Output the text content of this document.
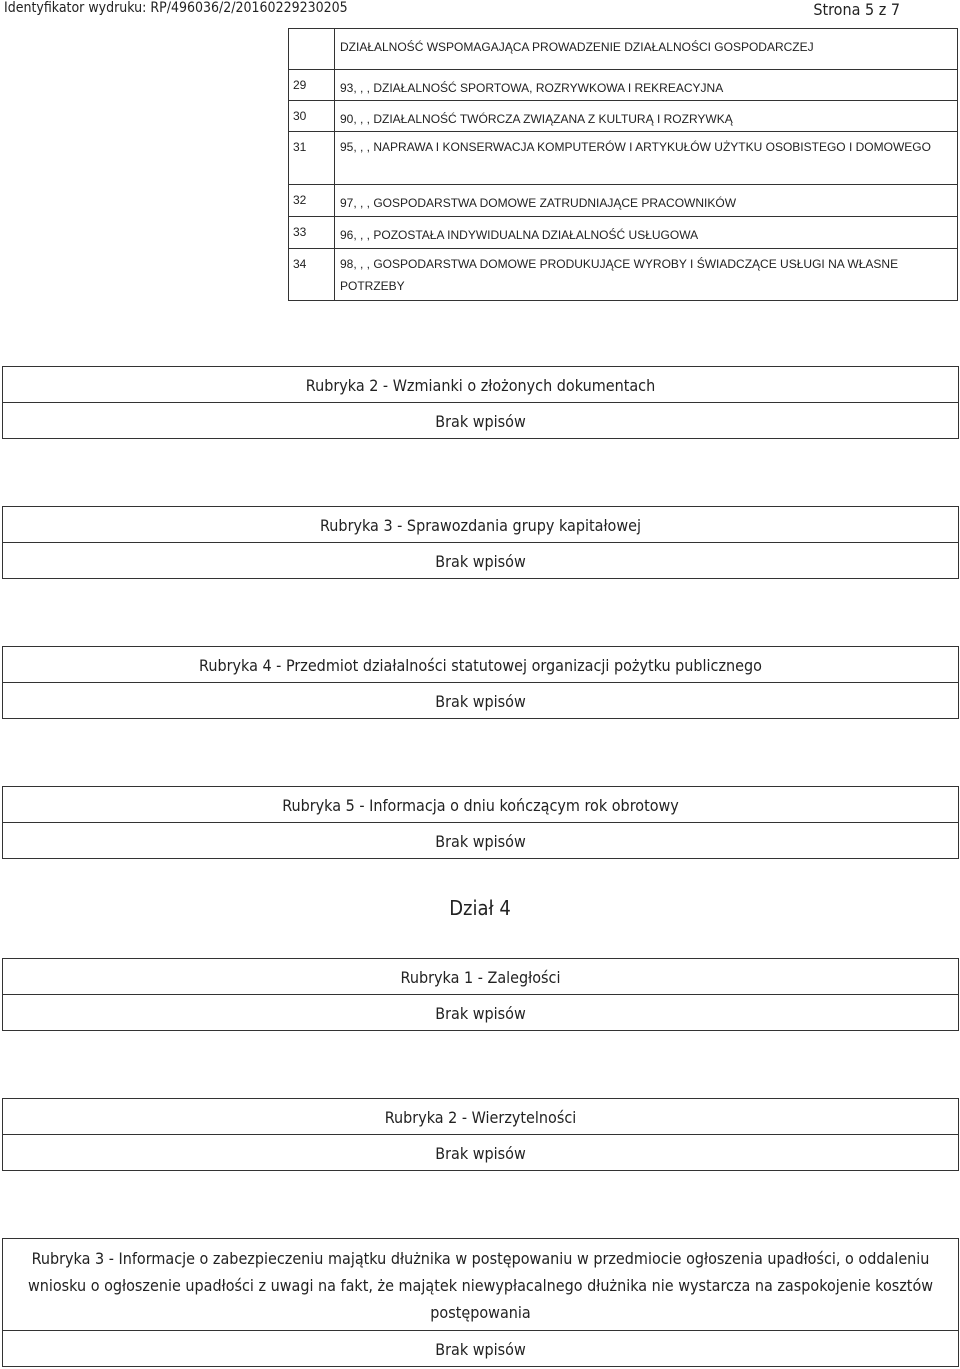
Identyfikator wydruku: RP/496036/2/20160229230205	Strona 5 z 7
DZIAŁALNOŚĆ WSPOMAGAJĄCA PROWADZENIE DZIAŁALNOŚCI GOSPODARCZEJ
29	93, , , DZIAŁALNOŚĆ SPORTOWA, ROZRYWKOWA I REKREACYJNA
30	90, , , DZIAŁALNOŚĆ TWÓRCZA ZWIĄZANA Z KULTURĄ I ROZRYWKĄ
31	95, , , NAPRAWA I KONSERWACJA KOMPUTERÓW I ARTYKUŁÓW UŻYTKU OSOBISTEGO I DOMOWEGO
32	97, , , GOSPODARSTWA DOMOWE ZATRUDNIAJĄCE PRACOWNIKÓW
33	96, , , POZOSTAŁA INDYWIDUALNA DZIAŁALNOŚĆ USŁUGOWA
34	98, , , GOSPODARSTWA DOMOWE PRODUKUJĄCE WYROBY I ŚWIADCZĄCE USŁUGI NA WŁASNE POTRZEBY
Rubryka 2 - Wzmianki o złożonych dokumentach
Brak wpisów
Rubryka 3 - Sprawozdania grupy kapitałowej
Brak wpisów
Rubryka 4 - Przedmiot działalności statutowej organizacji pożytku publicznego
Brak wpisów
Rubryka 5 - Informacja o dniu kończącym rok obrotowy
Brak wpisów
Dział 4
Rubryka 1 - Zaległości
Brak wpisów
Rubryka 2 - Wierzytelności
Brak wpisów
Rubryka 3 - Informacje o zabezpieczeniu majątku dłużnika w postępowaniu w przedmiocie ogłoszenia upadłości, o oddaleniu wniosku o ogłoszenie upadłości z uwagi na fakt, że majątek niewypłacalnego dłużnika nie wystarcza na zaspokojenie kosztów postępowania
Brak wpisów
